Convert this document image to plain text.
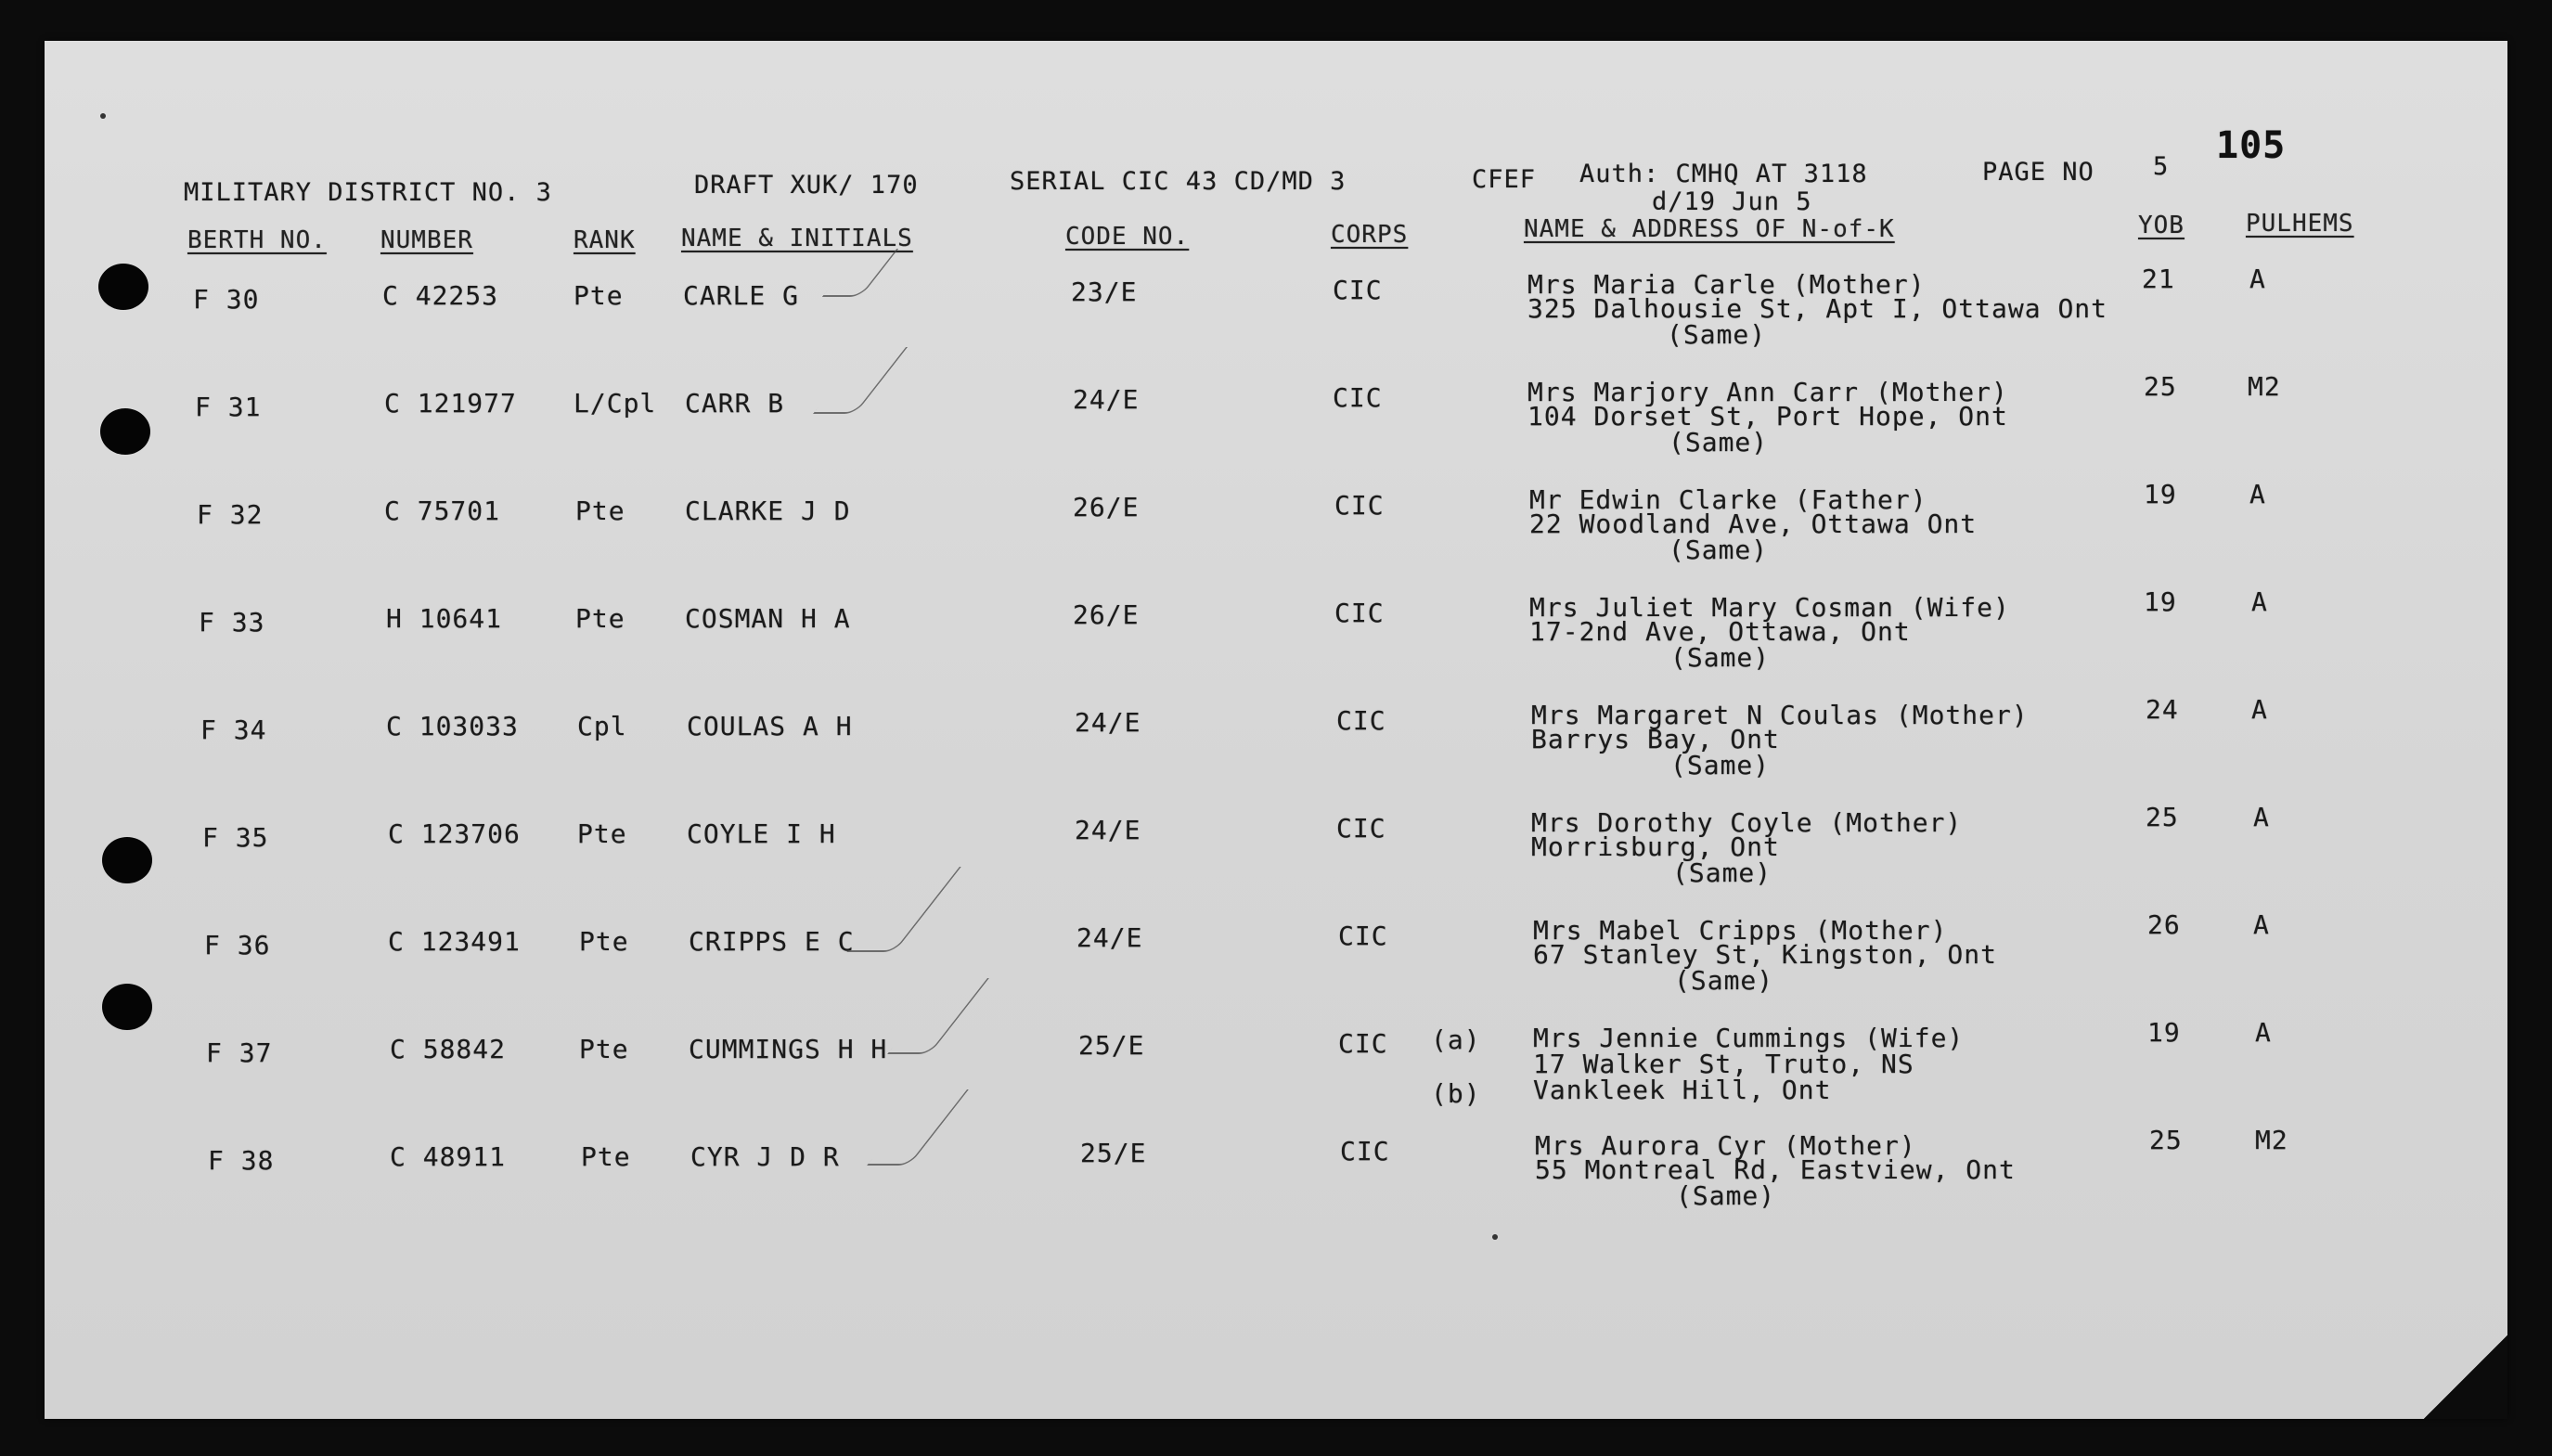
MILITARY DISTRICT NO. 3	DRAFT XUK/ 170	SERIAL CIC 43 CD/MD 3	CFEF Auth: CMHQ AT 3118
d/19 Jun 5
PAGE NO 5 105
BERTH NO. NUMBER	RANK NAME & INITIALS	CODE NO.	CORPS	NAME & ADDRESS OF N-of-K	YOB	PULHEMS
F 30	C 42253	Pte CARLE G	23/E	CIC	Mrs Maria Carle (Mother)
325 Dalhousie St, Apt I, Ottawa Ont
(Same)
21	A
F 31	C 121977 L/Cpl CARR B	24/E	CIC	Mrs Marjory Ann Carr (Mother)
104 Dorset St, Port Hope, Ont
(Same)
25	M2
F 32	C 75701	Pte CLARKE J D	26/E	CIC	Mr Edwin Clarke (Father)
22 Woodland Ave, Ottawa Ont
(Same)
19	A
F 33	H 10641	Pte COSMAN H A	26/E	CIC	Mrs Juliet Mary Cosman (Wife)
17-2nd Ave, Ottawa, Ont
(Same)
19	A
F 34	C 103033 Cpl COULAS A H	24/E	CIC	Mrs Margaret N Coulas (Mother)
Barrys Bay, Ont
(Same)
24	A
F 35	C 123706 Pte COYLE I H	24/E	CIC	Mrs Dorothy Coyle (Mother)
Morrisburg, Ont
(Same)
25	A
F 36	C 123491 Pte CRIPPS E C	24/E	CIC	Mrs Mabel Cripps (Mother)
67 Stanley St, Kingston, Ont
(Same)
26	A
F 37	C 58842	Pte CUMMINGS H H	25/E	CIC (a)
(b)
Mrs Jennie Cummings (Wife)
17 Walker St, Truto, NS
Vankleek Hill, Ont
19	A
F 38	C 48911	Pte CYR J D R	25/E	CIC	Mrs Aurora Cyr (Mother)
55 Montreal Rd, Eastview, Ont
(Same)
25	M2
